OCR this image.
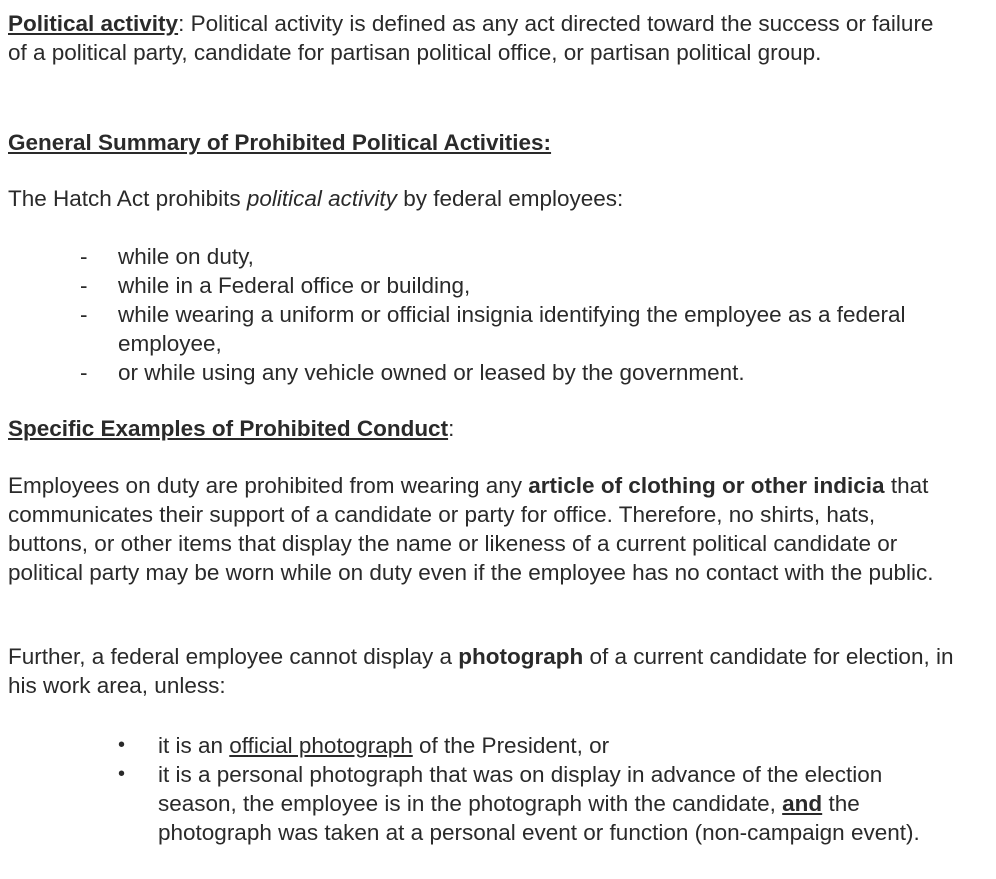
Political activity: Political activity is defined as any act directed toward the success or failure of a political party, candidate for partisan political office, or partisan political group.

General Summary of Prohibited Political Activities:

The Hatch Act prohibits political activity by federal employees:

- while on duty,
- while in a Federal office or building,
- while wearing a uniform or official insignia identifying the employee as a federal employee,
- or while using any vehicle owned or leased by the government.

Specific Examples of Prohibited Conduct:

Employees on duty are prohibited from wearing any article of clothing or other indicia that communicates their support of a candidate or party for office. Therefore, no shirts, hats, buttons, or other items that display the name or likeness of a current political candidate or political party may be worn while on duty even if the employee has no contact with the public.

Further, a federal employee cannot display a photograph of a current candidate for election, in his work area, unless:

• it is an official photograph of the President, or
• it is a personal photograph that was on display in advance of the election season, the employee is in the photograph with the candidate, and the photograph was taken at a personal event or function (non-campaign event).
